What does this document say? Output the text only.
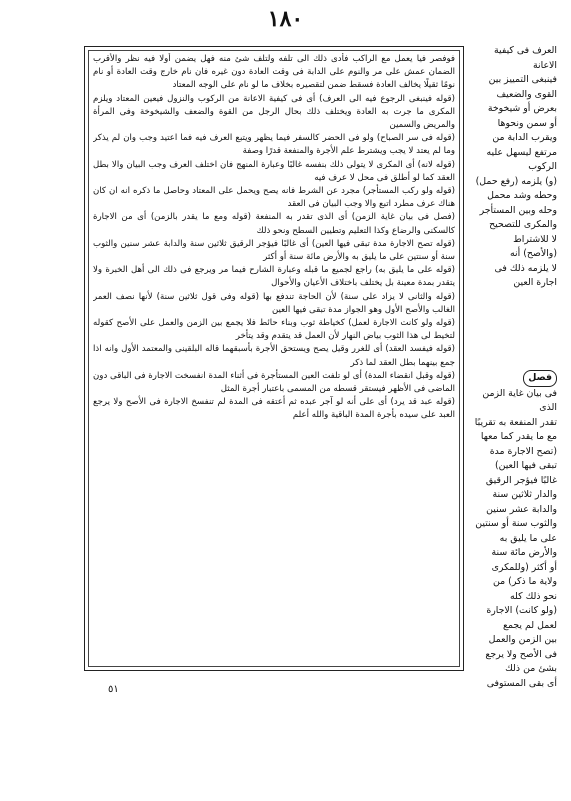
١٨٠

فوفصر فيا يعمل مع الراكب فأدى ذلك الى تلفه ولتلف شئ منه فهل يضمن أولا فيه نظر والأقرب الضمان عمش على مر والنوم على الدابة فى وقت العادة دون غيره فان نام خارج وقت العادة أو نام نومًا ثقيلًا يخالف العادة فسقط ضمن لتقصيره بخلاف ما لو نام على الوجه المعتاد

(قوله فينبغى الرجوع فيه الى العرف) أى فى كيفية الاعانة من الركوب والنزول فيعين المعتاد ويلزم المكرى ما جرت به العادة ويختلف ذلك بحال الرجل من القوة والضعف والشيخوخة وفى المرأة والمريض والسمين

(قوله فى سر الصباح) ولو فى الحضر كالسفر فيما يظهر ويتبع العرف فيه فما اعتيد وجب وان لم يذكر وما لم يعتد لا يجب ويشترط علم الأجرة والمنفعة قدرًا وصفة

(قوله لانه) أى المكرى لا يتولى ذلك بنفسه غالبًا وعبارة المنهج فان اختلف العرف وجب البيان والا بطل العقد كما لو أطلق فى محل لا عرف فيه

(قوله ولو ركب المستأجر) مجرد عن الشرط فانه يصح ويحمل على المعتاد وحاصل ما ذكره انه ان كان هناك عرف مطرد اتبع والا وجب البيان فى العقد

(فصل فى بيان غاية الزمن) أى الذى تقدر به المنفعة (قوله ومع ما يقدر بالزمن) أى من الاجارة كالسكنى والرضاع وكذا التعليم وتطيين السطح ونحو ذلك

(قوله تصح الاجارة مدة تبقى فيها العين) أى غالبًا فيؤجر الرقيق ثلاثين سنة والدابة عشر سنين والثوب سنة أو سنتين على ما يليق به والأرض مائة سنة أو أكثر

(قوله على ما يليق به) راجع لجميع ما قبله وعبارة الشارح فيما مر ويرجع فى ذلك الى أهل الخبرة ولا يتقدر بمدة معينة بل يختلف باختلاف الأعيان والأحوال

(قوله والثانى لا يزاد على سنة) لأن الحاجة تندفع بها (قوله وفى قول ثلاثين سنة) لأنها نصف العمر الغالب والأصح الأول وهو الجواز مدة تبقى فيها العين

(قوله ولو كانت الاجارة لعمل) كخياطة ثوب وبناء حائط فلا يجمع بين الزمن والعمل على الأصح كقوله لتخيط لى هذا الثوب بياض النهار لأن العمل قد يتقدم وقد يتأخر

(قوله فيفسد العقد) أى للغرر وقيل يصح ويستحق الأجرة بأسبقهما قاله البلقينى والمعتمد الأول وانه اذا جمع بينهما بطل العقد لما ذكر

(قوله وقبل انقضاء المدة) أى لو تلفت العين المستأجرة فى أثناء المدة انفسخت الاجارة فى الباقى دون الماضى فى الأظهر فيستقر قسطه من المسمى باعتبار أجرة المثل

(قوله عبد قد يرد) أى على أنه لو آجر عبده ثم أعتقه فى المدة لم تنفسخ الاجارة فى الأصح ولا يرجع العبد على سيده بأجرة المدة الباقية والله أعلم

العرف فى كيفية الاعانة
فينبغى التمييز بين
القوى والضعيف
بعرض أو شيخوخة
أو سمن ونحوها
ويقرب الدابة من
مرتفع ليسهل عليه
الركوب
(و) يلزمه (رفع حمل)
وحطه وشد محمل
وحله وبين المستأجر
والمكرى للتصحيح
لا للاشتراط
(والأصح) أنه
لا يلزمه ذلك فى
اجارة العين
فصل
فى بيان غاية الزمن الذى
تقدر المنفعة به تقريبًا
مع ما يقدر كما معها
(تصح الاجارة مدة
تبقى فيها العين)
غالبًا فيؤجر الرقيق
والدار ثلاثين سنة
والدابة عشر سنين
والثوب سنة أو سنتين
على ما يليق به
والأرض مائة سنة
أو أكثر (وللمكرى
ولاية ما ذكر) من
نحو ذلك كله
(ولو كانت) الاجارة
لعمل لم يجمع
بين الزمن والعمل
فى الأصح ولا يرجع
بشئ من ذلك
أى بقى المستوفى
٥١
